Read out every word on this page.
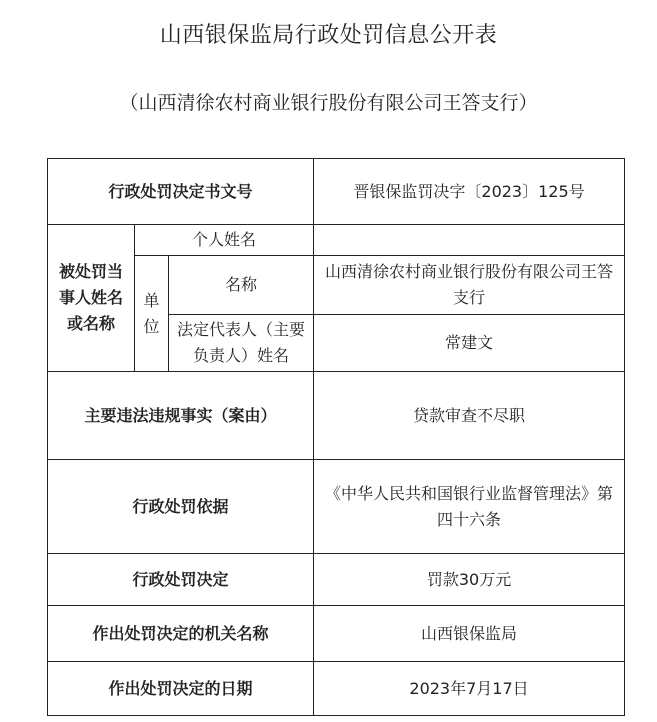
山西银保监局行政处罚信息公开表
（山西清徐农村商业银行股份有限公司王答支行）
行政处罚决定书文号			晋银保监罚决字〔2023〕125号
被处罚当事人姓名或名称	个人姓名		
	单位	名称	山西清徐农村商业银行股份有限公司王答支行
		法定代表人（主要负责人）姓名	常建文
主要违法违规事实（案由）			贷款审查不尽职
行政处罚依据			《中华人民共和国银行业监督管理法》第四十六条
行政处罚决定			罚款30万元
作出处罚决定的机关名称			山西银保监局
作出处罚决定的日期			2023年7月17日
